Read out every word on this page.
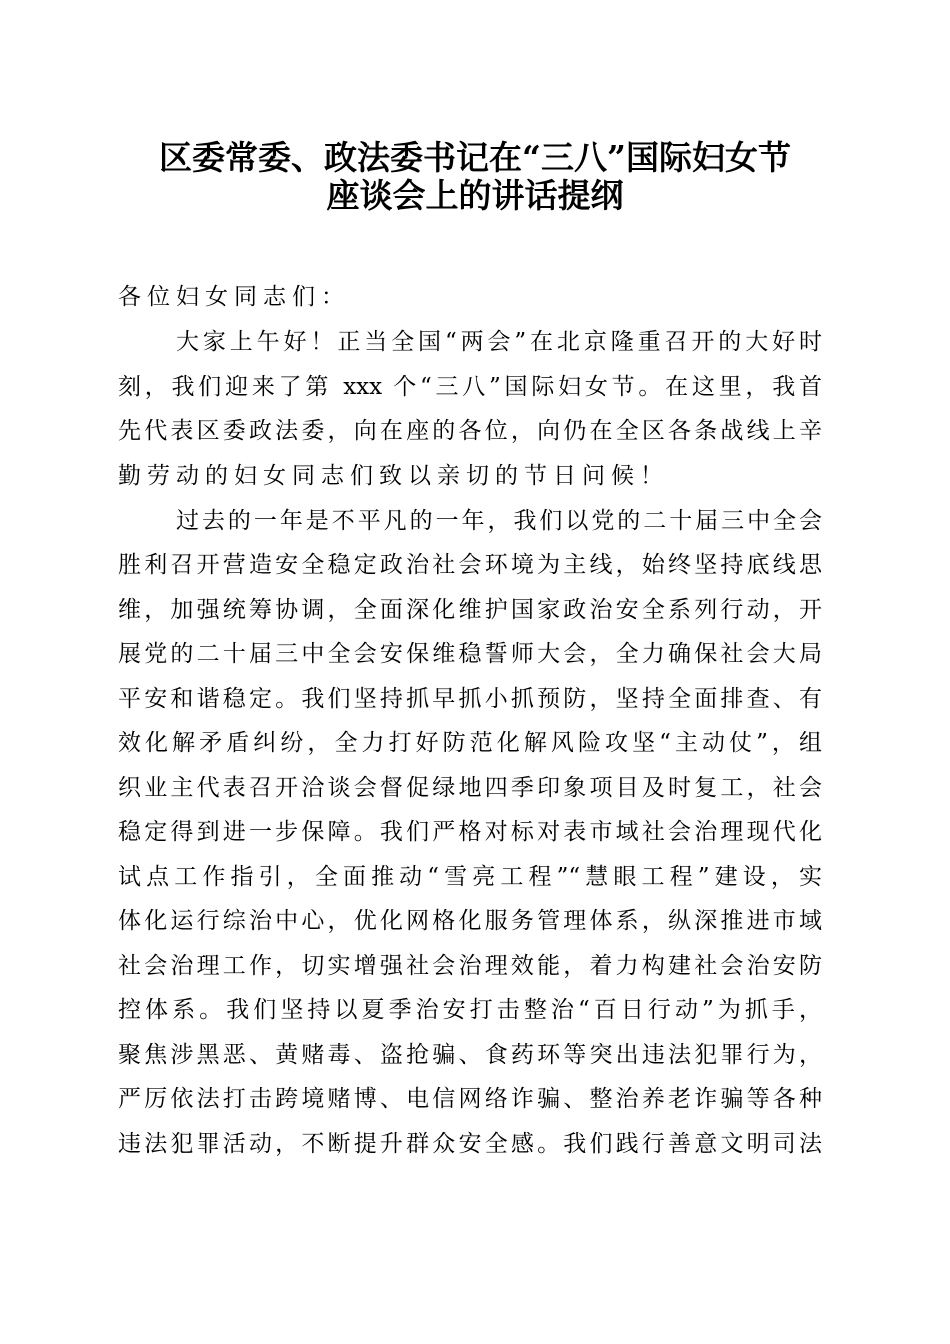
区委常委、政法委书记在“三八”国际妇女节
座谈会上的讲话提纲
各位妇女同志们：
大家上午好！正当全国“两会”在北京隆重召开的大好时
刻，我们迎来了第 xxx 个“三八”国际妇女节。在这里，我首
先代表区委政法委，向在座的各位，向仍在全区各条战线上辛
勤劳动的妇女同志们致以亲切的节日问候！
过去的一年是不平凡的一年，我们以党的二十届三中全会
胜利召开营造安全稳定政治社会环境为主线，始终坚持底线思
维，加强统筹协调，全面深化维护国家政治安全系列行动，开
展党的二十届三中全会安保维稳誓师大会，全力确保社会大局
平安和谐稳定。我们坚持抓早抓小抓预防，坚持全面排查、有
效化解矛盾纠纷，全力打好防范化解风险攻坚“主动仗”，组
织业主代表召开洽谈会督促绿地四季印象项目及时复工，社会
稳定得到进一步保障。我们严格对标对表市域社会治理现代化
试点工作指引，全面推动“雪亮工程”“慧眼工程”建设，实
体化运行综治中心，优化网格化服务管理体系，纵深推进市域
社会治理工作，切实增强社会治理效能，着力构建社会治安防
控体系。我们坚持以夏季治安打击整治“百日行动”为抓手，
聚焦涉黑恶、黄赌毒、盗抢骗、食药环等突出违法犯罪行为，
严厉依法打击跨境赌博、电信网络诈骗、整治养老诈骗等各种
违法犯罪活动，不断提升群众安全感。我们践行善意文明司法
